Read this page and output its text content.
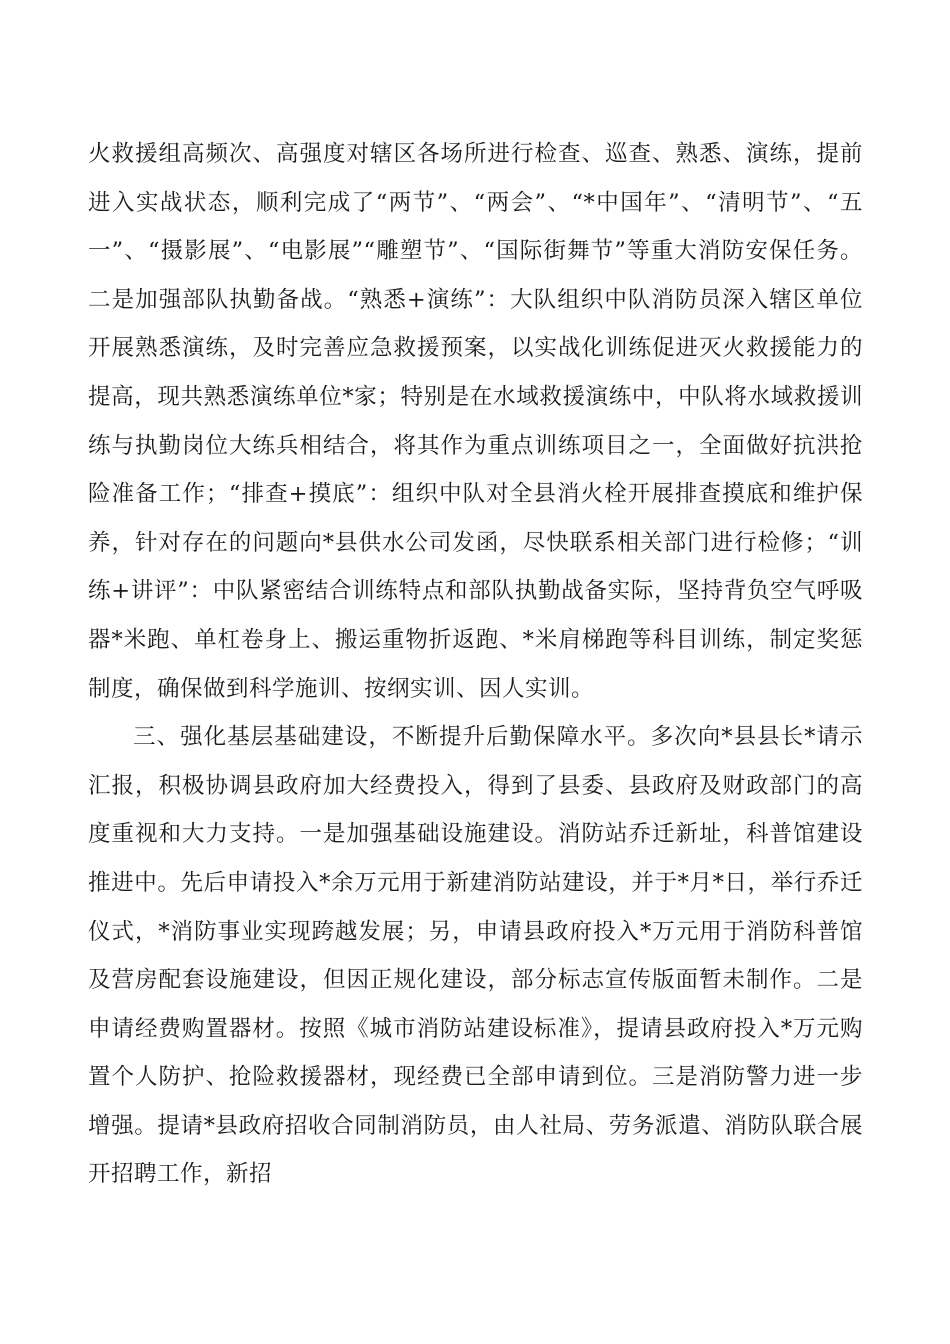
火救援组高频次、高强度对辖区各场所进行检查、巡查、熟悉、演练，提前进入实战状态，顺利完成了“两节”、“两会”、“*中国年”、“清明节”、“五一”、“摄影展”、“电影展”“雕塑节”、“国际街舞节”等重大消防安保任务。二是加强部队执勤备战。“熟悉+演练”：大队组织中队消防员深入辖区单位开展熟悉演练，及时完善应急救援预案，以实战化训练促进灭火救援能力的提高，现共熟悉演练单位*家；特别是在水域救援演练中，中队将水域救援训练与执勤岗位大练兵相结合，将其作为重点训练项目之一，全面做好抗洪抢险准备工作；“排查+摸底”：组织中队对全县消火栓开展排查摸底和维护保养，针对存在的问题向*县供水公司发函，尽快联系相关部门进行检修；“训练+讲评”：中队紧密结合训练特点和部队执勤战备实际，坚持背负空气呼吸器*米跑、单杠卷身上、搬运重物折返跑、*米肩梯跑等科目训练，制定奖惩制度，确保做到科学施训、按纲实训、因人实训。

三、强化基层基础建设，不断提升后勤保障水平。多次向*县县长*请示汇报，积极协调县政府加大经费投入，得到了县委、县政府及财政部门的高度重视和大力支持。一是加强基础设施建设。消防站乔迁新址，科普馆建设推进中。先后申请投入*余万元用于新建消防站建设，并于*月*日，举行乔迁仪式，*消防事业实现跨越发展；另，申请县政府投入*万元用于消防科普馆及营房配套设施建设，但因正规化建设，部分标志宣传版面暂未制作。二是申请经费购置器材。按照《城市消防站建设标准》，提请县政府投入*万元购置个人防护、抢险救援器材，现经费已全部申请到位。三是消防警力进一步增强。提请*县政府招收合同制消防员，由人社局、劳务派遣、消防队联合展开招聘工作，新招
